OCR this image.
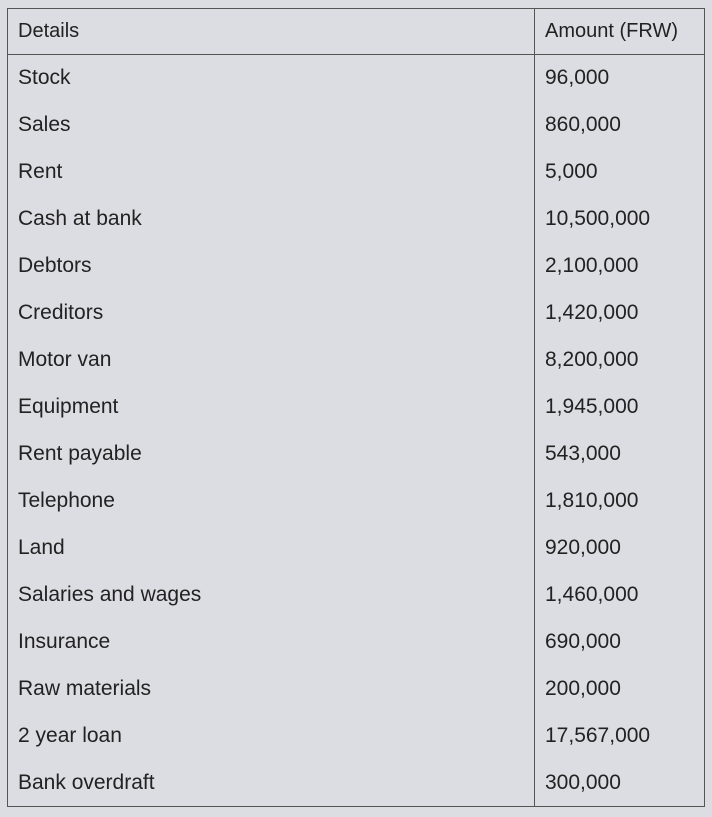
Details	Amount (FRW)
Stock	96,000
Sales	860,000
Rent	5,000
Cash at bank	10,500,000
Debtors	2,100,000
Creditors	1,420,000
Motor van	8,200,000
Equipment	1,945,000
Rent payable	543,000
Telephone	1,810,000
Land	920,000
Salaries and wages	1,460,000
Insurance	690,000
Raw materials	200,000
2 year loan	17,567,000
Bank overdraft	300,000
